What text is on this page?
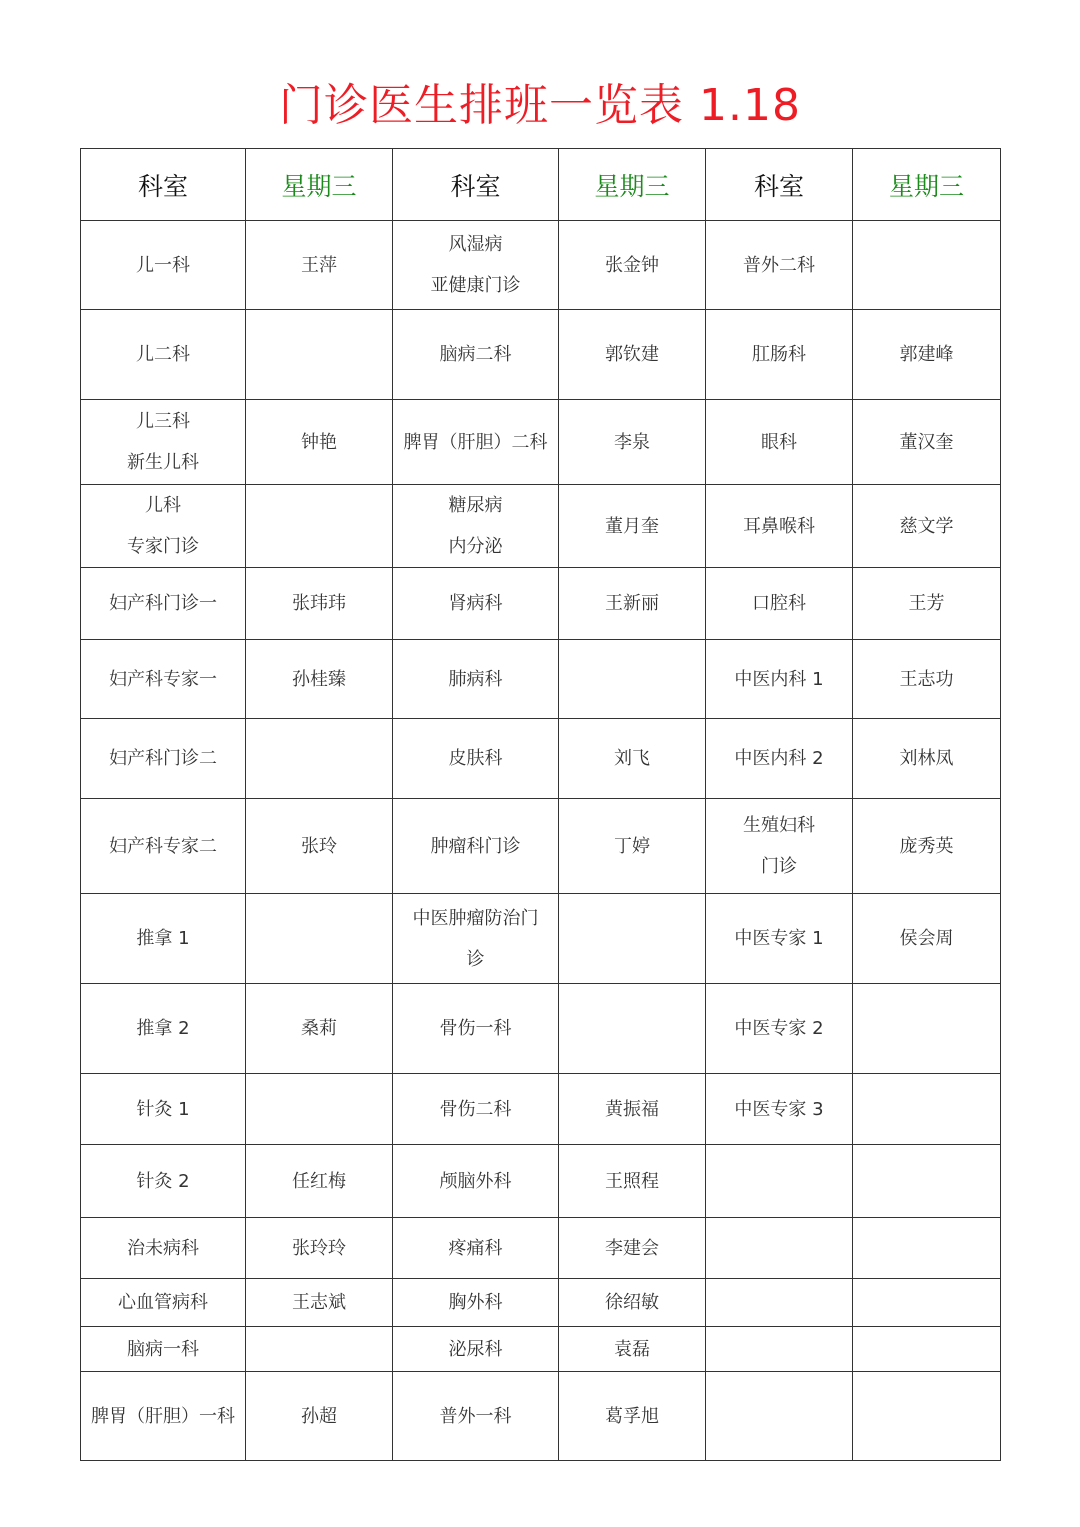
门诊医生排班一览表 1.18
科室	星期三	科室	星期三	科室	星期三

儿一科	王萍	风湿病
亚健康门诊	张金钟	普外二科	

儿二科		脑病二科	郭钦建	肛肠科	郭建峰

儿三科
新生儿科	钟艳	脾胃（肝胆）二科	李泉	眼科	董汉奎

儿科
专家门诊		糖尿病
内分泌	董月奎	耳鼻喉科	慈文学

妇产科门诊一	张玮玮	肾病科	王新丽	口腔科	王芳

妇产科专家一	孙桂臻	肺病科		中医内科 1	王志功

妇产科门诊二		皮肤科	刘飞	中医内科 2	刘林凤

妇产科专家二	张玲	肿瘤科门诊	丁婷	生殖妇科
门诊	庞秀英

推拿 1		中医肿瘤防治门
诊		中医专家 1	侯会周

推拿 2	桑莉	骨伤一科		中医专家 2	

针灸 1		骨伤二科	黄振福	中医专家 3	

针灸 2	任红梅	颅脑外科	王照程		

治未病科	张玲玲	疼痛科	李建会		

心血管病科	王志斌	胸外科	徐绍敏		

脑病一科		泌尿科	袁磊		

脾胃（肝胆）一科	孙超	普外一科	葛孚旭		
